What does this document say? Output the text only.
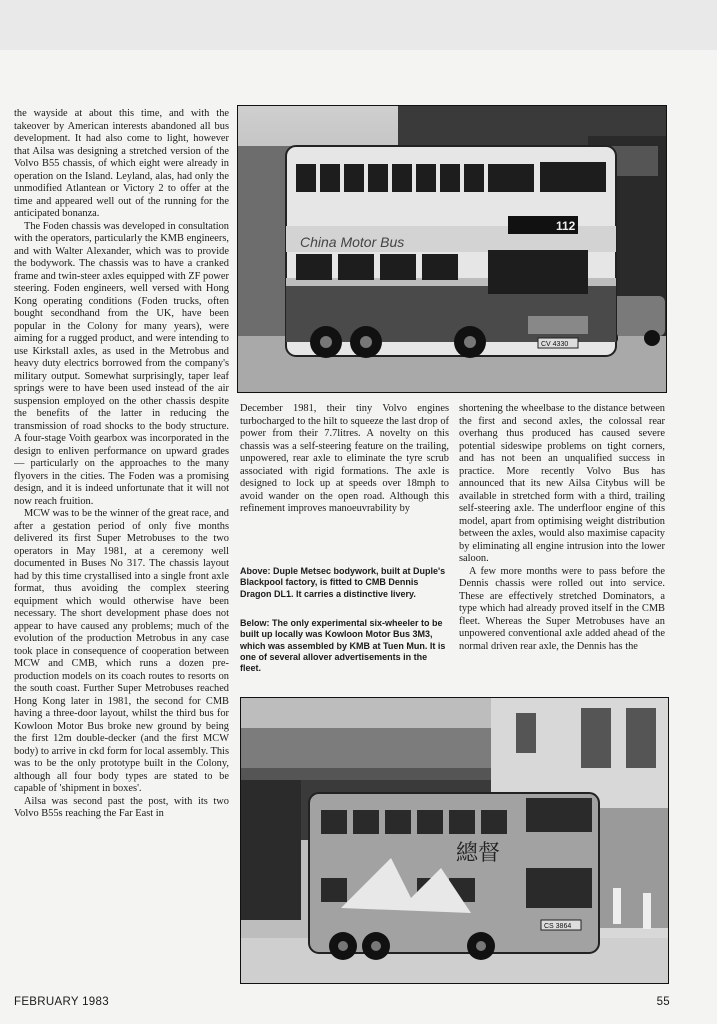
the wayside at about this time, and with the takeover by American interests abandoned all bus development. It had also come to light, however that Ailsa was designing a stretched version of the Volvo B55 chassis, of which eight were already in operation on the Island. Leyland, alas, had only the unmodified Atlantean or Victory 2 to offer at the time and appeared well out of the running for the anticipated bonanza.

The Foden chassis was developed in consultation with the operators, particularly the KMB engineers, and with Walter Alexander, which was to provide the bodywork. The chassis was to have a cranked frame and twin-steer axles equipped with ZF power steering. Foden engineers, well versed with Hong Kong operating conditions (Foden trucks, often bought secondhand from the UK, have been popular in the Colony for many years), were aiming for a rugged product, and were intending to use Kirkstall axles, as used in the Metrobus and heavy duty electrics borrowed from the company's military output. Somewhat surprisingly, taper leaf springs were to have been used instead of the air suspension employed on the other chassis despite the benefits of the latter in reducing the transmission of road shocks to the body structure. A four-stage Voith gearbox was incorporated in the design to enliven performance on upward grades — particularly on the approaches to the many flyovers in the cities. The Foden was a promising design, and it is indeed unfortunate that it will not now reach fruition.

MCW was to be the winner of the great race, and after a gestation period of only five months delivered its first Super Metrobuses to the two operators in May 1981, at a ceremony well documented in Buses No 317. The chassis layout had by this time crystallised into a single front axle format, thus avoiding the complex steering equipment which would otherwise have been necessary. The short development phase does not appear to have caused any problems; much of the evolution of the production Metrobus in any case took place in consequence of cooperation between MCW and CMB, which runs a dozen pre-production models on its coach routes to resorts on the south coast. Further Super Metrobuses reached Hong Kong later in 1981, the second for CMB having a three-door layout, whilst the third bus for Kowloon Motor Bus broke new ground by being the first 12m double-decker (and the first MCW body) to arrive in ckd form for local assembly. This was to be the only prototype built in the Colony, although all four body types are stated to be capable of 'shipment in boxes'.

Ailsa was second past the post, with its two Volvo B55s reaching the Far East in

112
China Motor Bus
CV 4330

December 1981, their tiny Volvo engines turbocharged to the hilt to squeeze the last drop of power from their 7.7litres. A novelty on this chassis was a self-steering feature on the trailing, unpowered, rear axle to eliminate the tyre scrub associated with rigid formations. The axle is designed to lock up at speeds over 18mph to avoid wander on the open road. Although this refinement improves manoeuvrability by

shortening the wheelbase to the distance between the first and second axles, the colossal rear overhang thus produced has caused severe potential sideswipe problems on tight corners, and has not been an unqualified success in practice. More recently Volvo Bus has announced that its new Ailsa Citybus will be available in stretched form with a third, trailing self-steering axle. The underfloor engine of this model, apart from optimising weight distribution between the axles, would also maximise capacity by eliminating all engine intrusion into the lower saloon.

A few more months were to pass before the Dennis chassis were rolled out into service. These are effectively stretched Dominators, a type which had already proved itself in the CMB fleet. Whereas the Super Metrobuses have an unpowered conventional axle added ahead of the normal driven rear axle, the Dennis has the

Above: Duple Metsec bodywork, built at Duple's Blackpool factory, is fitted to CMB Dennis Dragon DL1. It carries a distinctive livery.
Below: The only experimental six-wheeler to be built up locally was Kowloon Motor Bus 3M3, which was assembled by KMB at Tuen Mun. It is one of several allover advertisements in the fleet.
總督
CS 3864
FEBRUARY 1983	55
